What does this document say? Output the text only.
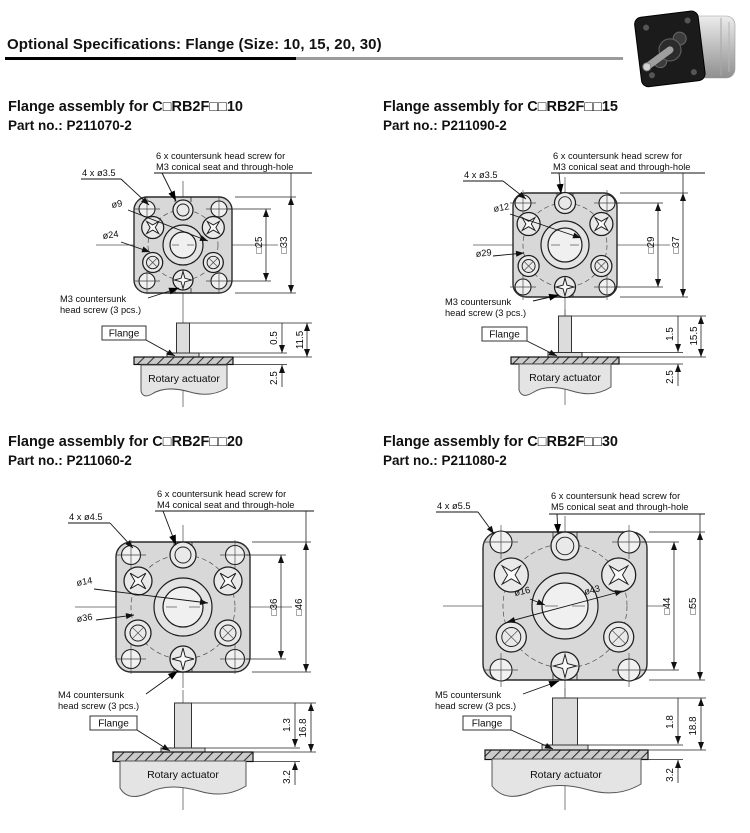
Optional Specifications: Flange (Size: 10, 15, 20, 30)
Flange assembly for C□RB2F□□10
Part no.: P211070-2
4 x ø3.5
6 x countersunk head screw for
M3 conical seat and through-hole
ø9
ø24
M3 countersunk
head screw (3 pcs.)
□25 □33
Rotary actuator
Flange	0.5 11.5
2.5
Flange assembly for C□RB2F□□15
Part no.: P211090-2
4 x ø3.5
6 x countersunk head screw for
M3 conical seat and through-hole
ø12
ø29
M3 countersunk
head screw (3 pcs.)
□29 □37
Rotary actuator
Flange	1.5 15.5
2.5
Flange assembly for C□RB2F□□20
Part no.: P211060-2
4 x ø4.5
6 x countersunk head screw for
M4 conical seat and through-hole
ø14
ø36
M4 countersunk
head screw (3 pcs.)
□36 □46
Rotary actuator
Flange	1.3 16.8
3.2
Flange assembly for C□RB2F□□30
Part no.: P211080-2
4 x ø5.5
6 x countersunk head screw for
M5 conical seat and through-hole
ø16	ø43
M5 countersunk
head screw (3 pcs.)
□44 □55
Rotary actuator
Flange	1.8 18.8
3.2
